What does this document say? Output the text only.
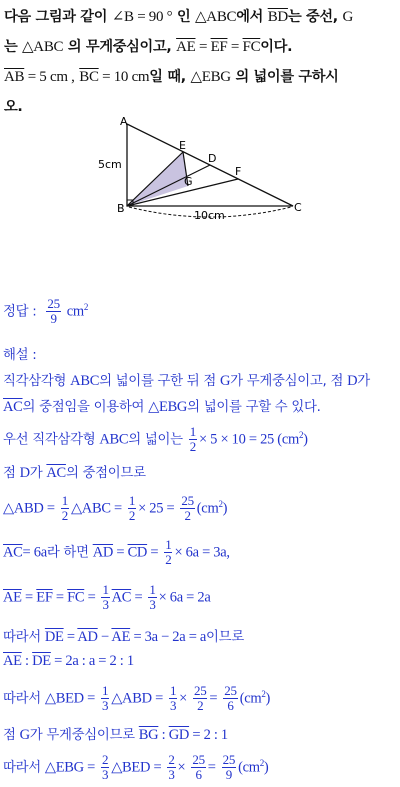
다음 그림과 같이 ∠B = 90 ° 인 △ABC에서 $\overline{BD}$는 중선, G
는 △ABC 의 무게중심이고, $\overline{AE} = \overline{EF} = \overline{FC}$이다.
$\overline{AB} = 5$ cm , $\overline{BC} = 10$ cm일 때, △EBG 의 넓이를 구하시
오.
A
B	C
D
E
F
G
5cm
10cm
정답 : $\frac{25}{9} cm^2$
해설 :
직각삼각형 ABC의 넓이를 구한 뒤 점 G가 무게중심이고, 점 D가
$\overline{AC}$의 중점임을 이용하여 △EBG의 넓이를 구할 수 있다.
우선 직각삼각형 ABC의 넓이는 $\frac{1}{2} \times 5 \times 10 = 25$ $(cm^2)$
점 D가 $\overline{AC}$의 중점이므로
△ABD = $\frac{1}{2}$ △ABC = $\frac{1}{2} \times 25 = \frac{25}{2} (cm^2)$
$\overline{AC}= 6a$라 하면 $\overline{AD} = \overline{CD} = \frac{1}{2} \times 6a = 3a$,
$\overline{AE} = \overline{EF} = \overline{FC} = \frac{1}{3} \overline{AC} = \frac{1}{3} \times 6a = 2a$
따라서 $\overline{DE} = \overline{AD} - \overline{AE} = 3a - 2a = a$이므로
$\overline{AE}$ : $\overline{DE} = 2a$ : a = 2 : 1
따라서 △BED = $\frac{1}{3}$ △ABD = $\frac{1}{3} \times \frac{25}{2} = \frac{25}{6} (cm^2)$
점 G가 무게중심이므로 $\overline{BG}$ : $\overline{GD} = 2$ : 1
따라서 △EBG = $\frac{2}{3}$ △BED = $\frac{2}{3} \times \frac{25}{6} = \frac{25}{9} (cm^2)$
